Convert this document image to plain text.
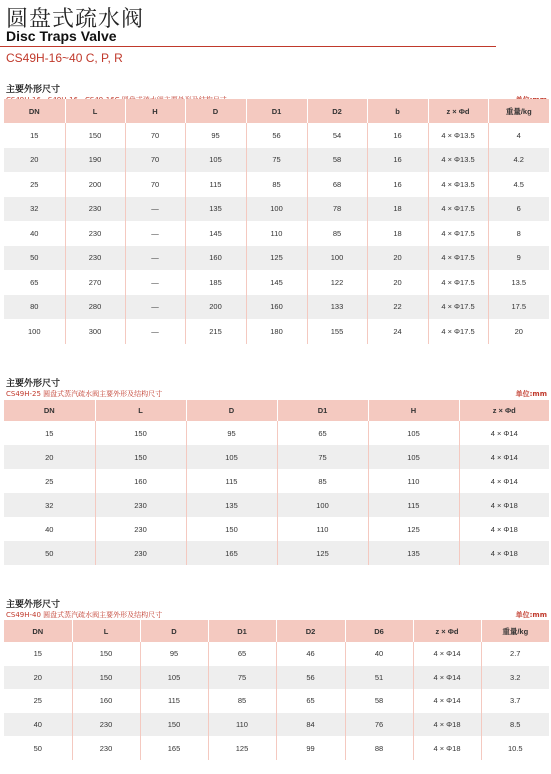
圆盘式疏水阀
Disc Traps Valve
CS49H-16~40 C, P, R
主要外形尺寸
DN	L	H	D	D1	D2	b	z × Φd	重量/kg
15	150	70	95	56	54	16	4 × Φ13.5	4
20	190	70	105	75	58	16	4 × Φ13.5	4.2
25	200	70	115	85	68	16	4 × Φ13.5	4.5
32	230	—	135	100	78	18	4 × Φ17.5	6
40	230	—	145	110	85	18	4 × Φ17.5	8
50	230	—	160	125	100	20	4 × Φ17.5	9
65	270	—	185	145	122	20	4 × Φ17.5	13.5
80	280	—	200	160	133	22	4 × Φ17.5	17.5
100	300	—	215	180	155	24	4 × Φ17.5	20
主要外形尺寸
CS49H-25 圆盘式蒸汽疏水阀主要外形及结构尺寸	单位:mm
DN	L	D	D1	H	z × Φd
15	150	95	65	105	4 × Φ14
20	150	105	75	105	4 × Φ14
25	160	115	85	110	4 × Φ14
32	230	135	100	115	4 × Φ18
40	230	150	110	125	4 × Φ18
50	230	165	125	135	4 × Φ18
主要外形尺寸
CS49H-40 圆盘式蒸汽疏水阀主要外形及结构尺寸	单位:mm
DN	L	D	D1	D2	D6	z × Φd	重量/kg
15	150	95	65	46	40	4 × Φ14	2.7
20	150	105	75	56	51	4 × Φ14	3.2
25	160	115	85	65	58	4 × Φ14	3.7
40	230	150	110	84	76	4 × Φ18	8.5
50	230	165	125	99	88	4 × Φ18	10.5
